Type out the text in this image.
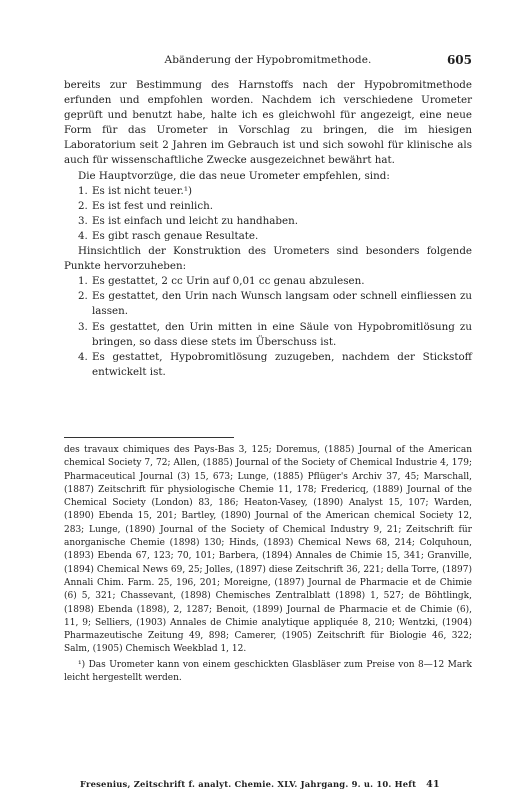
Abänderung der Hypobromitmethode.	605

bereits zur Bestimmung des Harnstoffs nach der Hypobromitmethode erfunden und empfohlen worden. Nachdem ich verschiedene Urometer geprüft und benutzt habe, halte ich es gleichwohl für angezeigt, eine neue Form für das Urometer in Vorschlag zu bringen, die im hiesigen Laboratorium seit 2 Jahren im Gebrauch ist und sich sowohl für klinische als auch für wissenschaftliche Zwecke ausgezeichnet bewährt hat.

Die Hauptvorzüge, die das neue Urometer empfehlen, sind:

1. Es ist nicht teuer.¹)
2. Es ist fest und reinlich.
3. Es ist einfach und leicht zu handhaben.
4. Es gibt rasch genaue Resultate.

Hinsichtlich der Konstruktion des Urometers sind besonders folgende Punkte hervorzuheben:

1. Es gestattet, 2 cc Urin auf 0,01 cc genau abzulesen.
2. Es gestattet, den Urin nach Wunsch langsam oder schnell einfliessen zu lassen.
3. Es gestattet, den Urin mitten in eine Säule von Hypobromitlösung zu bringen, so dass diese stets im Überschuss ist.
4. Es gestattet, Hypobromitlösung zuzugeben, nachdem der Stickstoff entwickelt ist.

des travaux chimiques des Pays-Bas 3, 125; Doremus, (1885) Journal of the American chemical Society 7, 72; Allen, (1885) Journal of the Society of Chemical Industrie 4, 179; Pharmaceutical Journal (3) 15, 673; Lunge, (1885) Pflüger's Archiv 37, 45; Marschall, (1887) Zeitschrift für physiologische Chemie 11, 178; Fredericq, (1889) Journal of the Chemical Society (London) 83, 186; Heaton-Vasey, (1890) Analyst 15, 107; Warden, (1890) Ebenda 15, 201; Bartley, (1890) Journal of the American chemical Society 12, 283; Lunge, (1890) Journal of the Society of Chemical Industry 9, 21; Zeitschrift für anorganische Chemie (1898) 130; Hinds, (1893) Chemical News 68, 214; Colquhoun, (1893) Ebenda 67, 123; 70, 101; Barbera, (1894) Annales de Chimie 15, 341; Granville, (1894) Chemical News 69, 25; Jolles, (1897) diese Zeitschrift 36, 221; della Torre, (1897) Annali Chim. Farm. 25, 196, 201; Moreigne, (1897) Journal de Pharmacie et de Chimie (6) 5, 321; Chassevant, (1898) Chemisches Zentralblatt (1898) 1, 527; de Böhtlingk, (1898) Ebenda (1898), 2, 1287; Benoit, (1899) Journal de Pharmacie et de Chimie (6), 11, 9; Selliers, (1903) Annales de Chimie analytique appliquée 8, 210; Wentzki, (1904) Pharmazeutische Zeitung 49, 898; Camerer, (1905) Zeitschrift für Biologie 46, 322; Salm, (1905) Chemisch Weekblad 1, 12.

¹) Das Urometer kann von einem geschickten Glasbläser zum Preise von 8—12 Mark leicht hergestellt werden.

Fresenius, Zeitschrift f. analyt. Chemie. XLV. Jahrgang. 9. u. 10. Heft 41
